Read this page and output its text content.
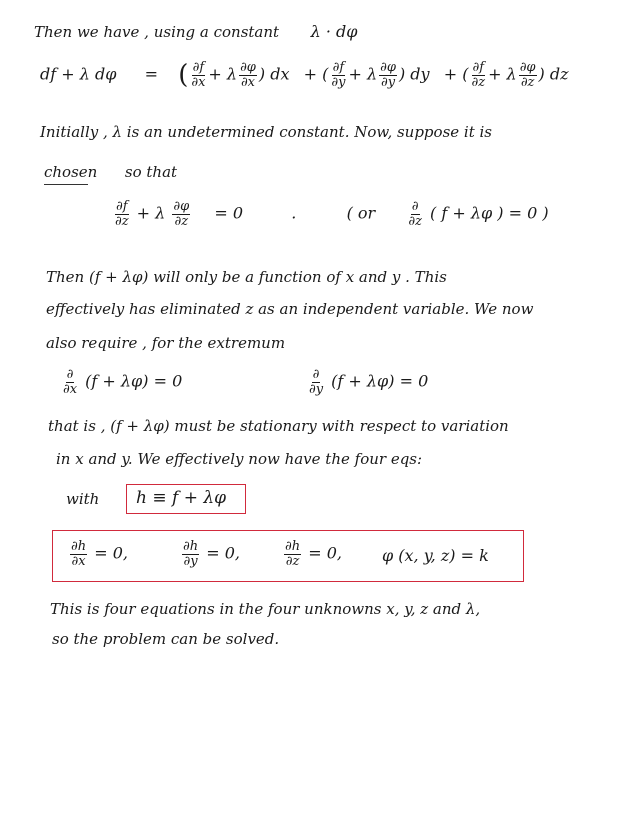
Then we have , using a constant λ · dφ
df + λ dφ = ( $\frac{\partial f}{\partial x} + \lambda \frac{\partial\varphi}{\partial x}$ ) dx + ( $\frac{\partial f}{\partial y} + \lambda \frac{\partial\varphi}{\partial y}$ ) dy + ( $\frac{\partial f}{\partial z} + \lambda \frac{\partial\varphi}{\partial z}$ ) dz
Initially , λ is an undetermined constant. Now, suppose it is
chosen so that
$\frac{\partial f}{\partial z} + \lambda \frac{\partial\varphi}{\partial z} = 0$	.	( or $\frac{\partial}{\partial z}$ ( f + λφ ) = 0 )
Then (f + λφ) will only be a function of x and y . This
effectively has eliminated z as an independent variable. We now
also require , for the extremum
$\frac{\partial}{\partial x} (f + \lambda\varphi) = 0$	$\frac{\partial}{\partial y} (f + \lambda\varphi) = 0$
that is , (f + λφ) must be stationary with respect to variation
in x and y. We effectively now have the four eqs:
with h ≡ f + λφ
$\frac{\partial h}{\partial x} = 0$,	$\frac{\partial h}{\partial y} = 0$,	$\frac{\partial h}{\partial z} = 0$,	φ (x, y, z) = k
This is four equations in the four unknowns x, y, z and λ,
so the problem can be solved.
